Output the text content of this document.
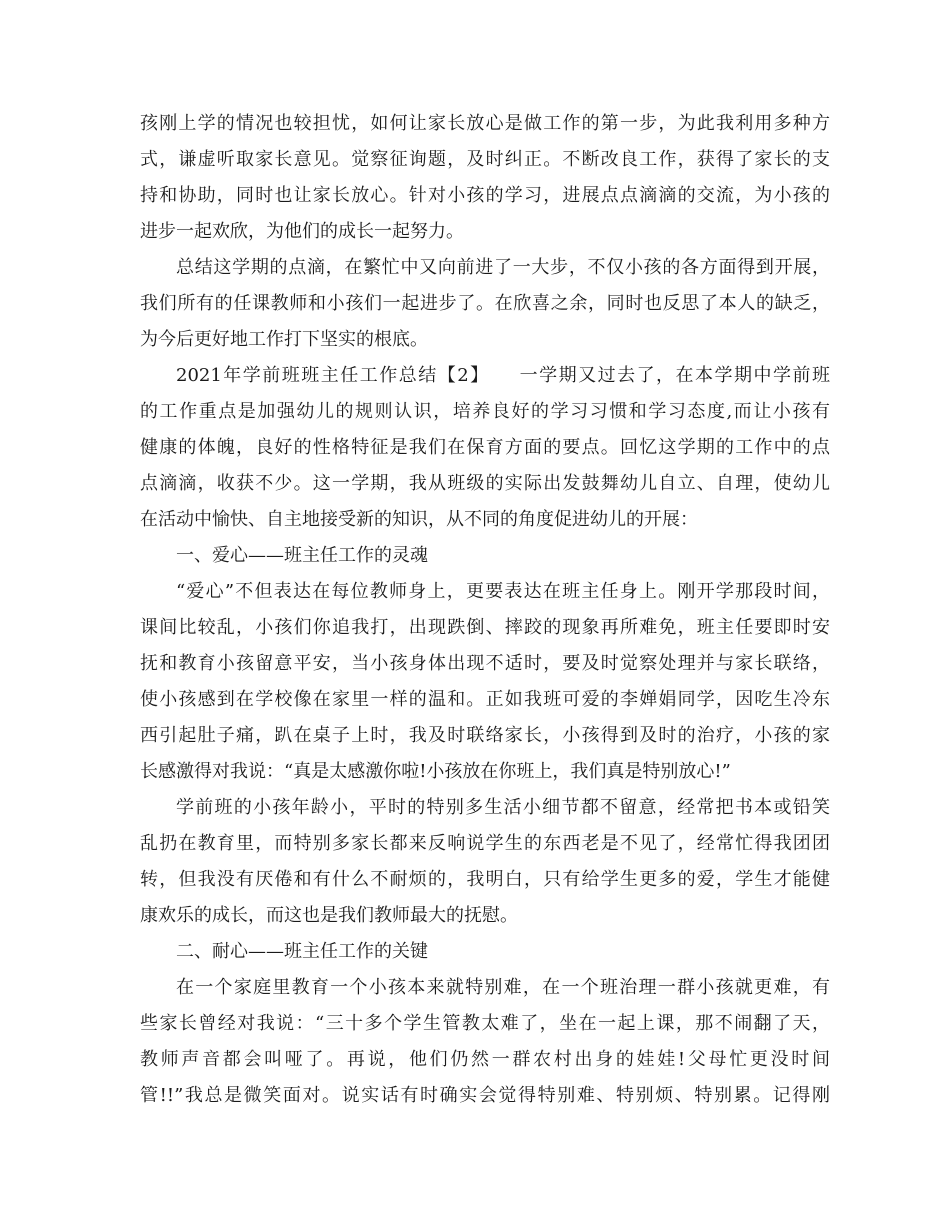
孩刚上学的情况也较担忧，如何让家长放心是做工作的第一步，为此我利用多种方

式，谦虚听取家长意见。觉察征询题，及时纠正。不断改良工作，获得了家长的支

持和协助，同时也让家长放心。针对小孩的学习，进展点点滴滴的交流，为小孩的

进步一起欢欣，为他们的成长一起努力。

总结这学期的点滴，在繁忙中又向前进了一大步，不仅小孩的各方面得到开展，

我们所有的任课教师和小孩们一起进步了。在欣喜之余，同时也反思了本人的缺乏，

为今后更好地工作打下坚实的根底。

2021年学前班班主任工作总结【2】　　一学期又过去了，在本学期中学前班

的工作重点是加强幼儿的规则认识，培养良好的学习习惯和学习态度,而让小孩有

健康的体魄，良好的性格特征是我们在保育方面的要点。回忆这学期的工作中的点

点滴滴，收获不少。这一学期，我从班级的实际出发鼓舞幼儿自立、自理，使幼儿

在活动中愉快、自主地接受新的知识，从不同的角度促进幼儿的开展：

一、爱心——班主任工作的灵魂

“爱心”不但表达在每位教师身上，更要表达在班主任身上。刚开学那段时间，

课间比较乱，小孩们你追我打，出现跌倒、摔跤的现象再所难免，班主任要即时安

抚和教育小孩留意平安，当小孩身体出现不适时，要及时觉察处理并与家长联络，

使小孩感到在学校像在家里一样的温和。正如我班可爱的李婵娟同学，因吃生冷东

西引起肚子痛，趴在桌子上时，我及时联络家长，小孩得到及时的治疗，小孩的家

长感激得对我说：“真是太感激你啦!小孩放在你班上，我们真是特别放心!”

学前班的小孩年龄小，平时的特别多生活小细节都不留意，经常把书本或铅笑

乱扔在教育里，而特别多家长都来反响说学生的东西老是不见了，经常忙得我团团

转，但我没有厌倦和有什么不耐烦的，我明白，只有给学生更多的爱，学生才能健

康欢乐的成长，而这也是我们教师最大的抚慰。

二、耐心——班主任工作的关键

在一个家庭里教育一个小孩本来就特别难，在一个班治理一群小孩就更难，有

些家长曾经对我说：“三十多个学生管教太难了，坐在一起上课，那不闹翻了天，

教师声音都会叫哑了。再说，他们仍然一群农村出身的娃娃!父母忙更没时间

管!!”我总是微笑面对。说实话有时确实会觉得特别难、特别烦、特别累。记得刚
